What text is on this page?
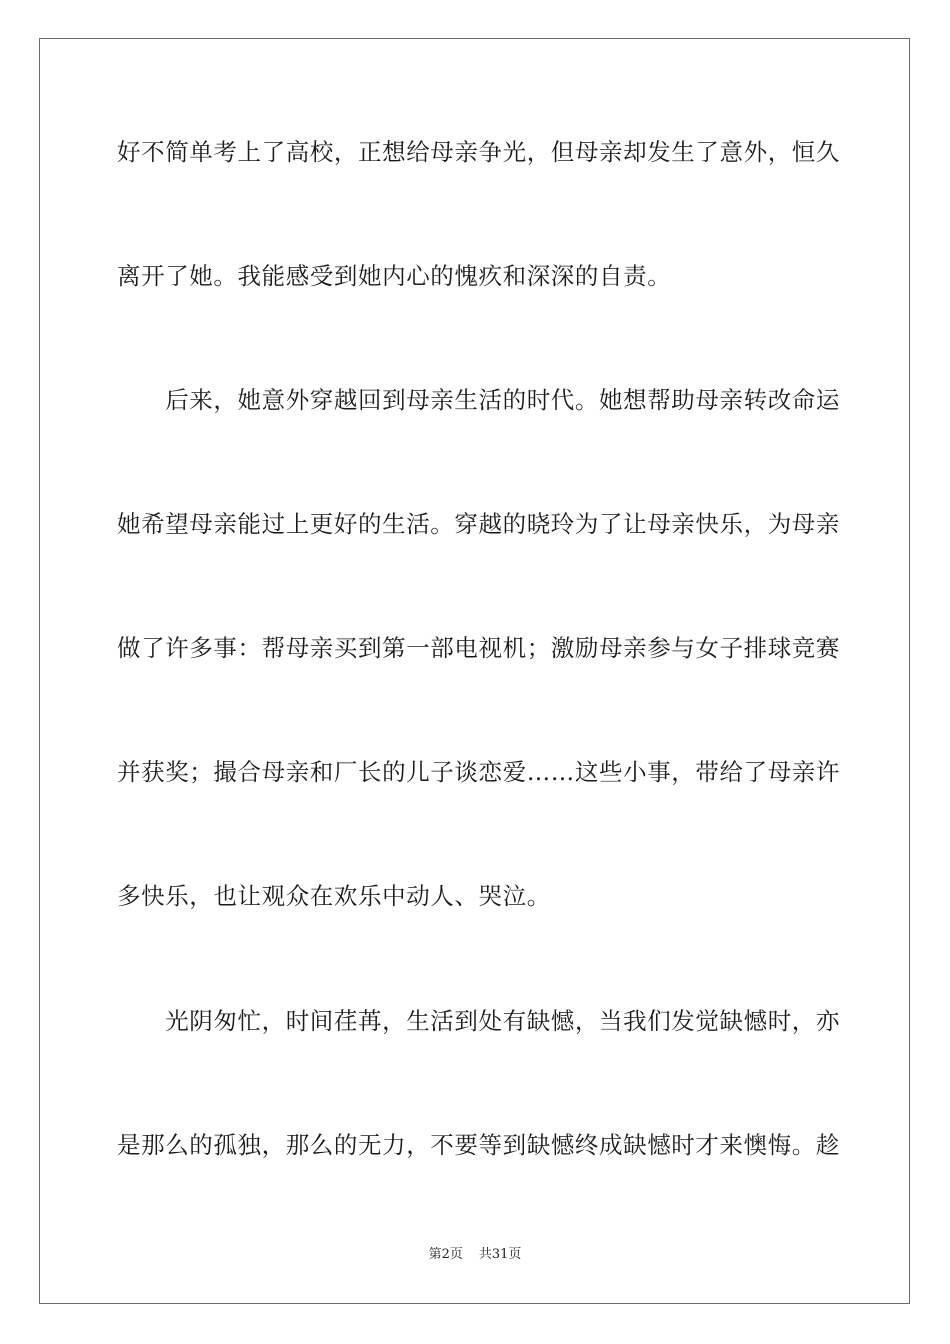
好不简单考上了高校，正想给母亲争光，但母亲却发生了意外，恒久
离开了她。我能感受到她内心的愧疚和深深的自责。
　　后来，她意外穿越回到母亲生活的时代。她想帮助母亲转改命运
她希望母亲能过上更好的生活。穿越的晓玲为了让母亲快乐，为母亲
做了许多事：帮母亲买到第一部电视机；激励母亲参与女子排球竞赛
并获奖；撮合母亲和厂长的儿子谈恋爱……这些小事，带给了母亲许
多快乐，也让观众在欢乐中动人、哭泣。
　　光阴匆忙，时间荏苒，生活到处有缺憾，当我们发觉缺憾时，亦
是那么的孤独，那么的无力，不要等到缺憾终成缺憾时才来懊悔。趁
第2页 共31页
